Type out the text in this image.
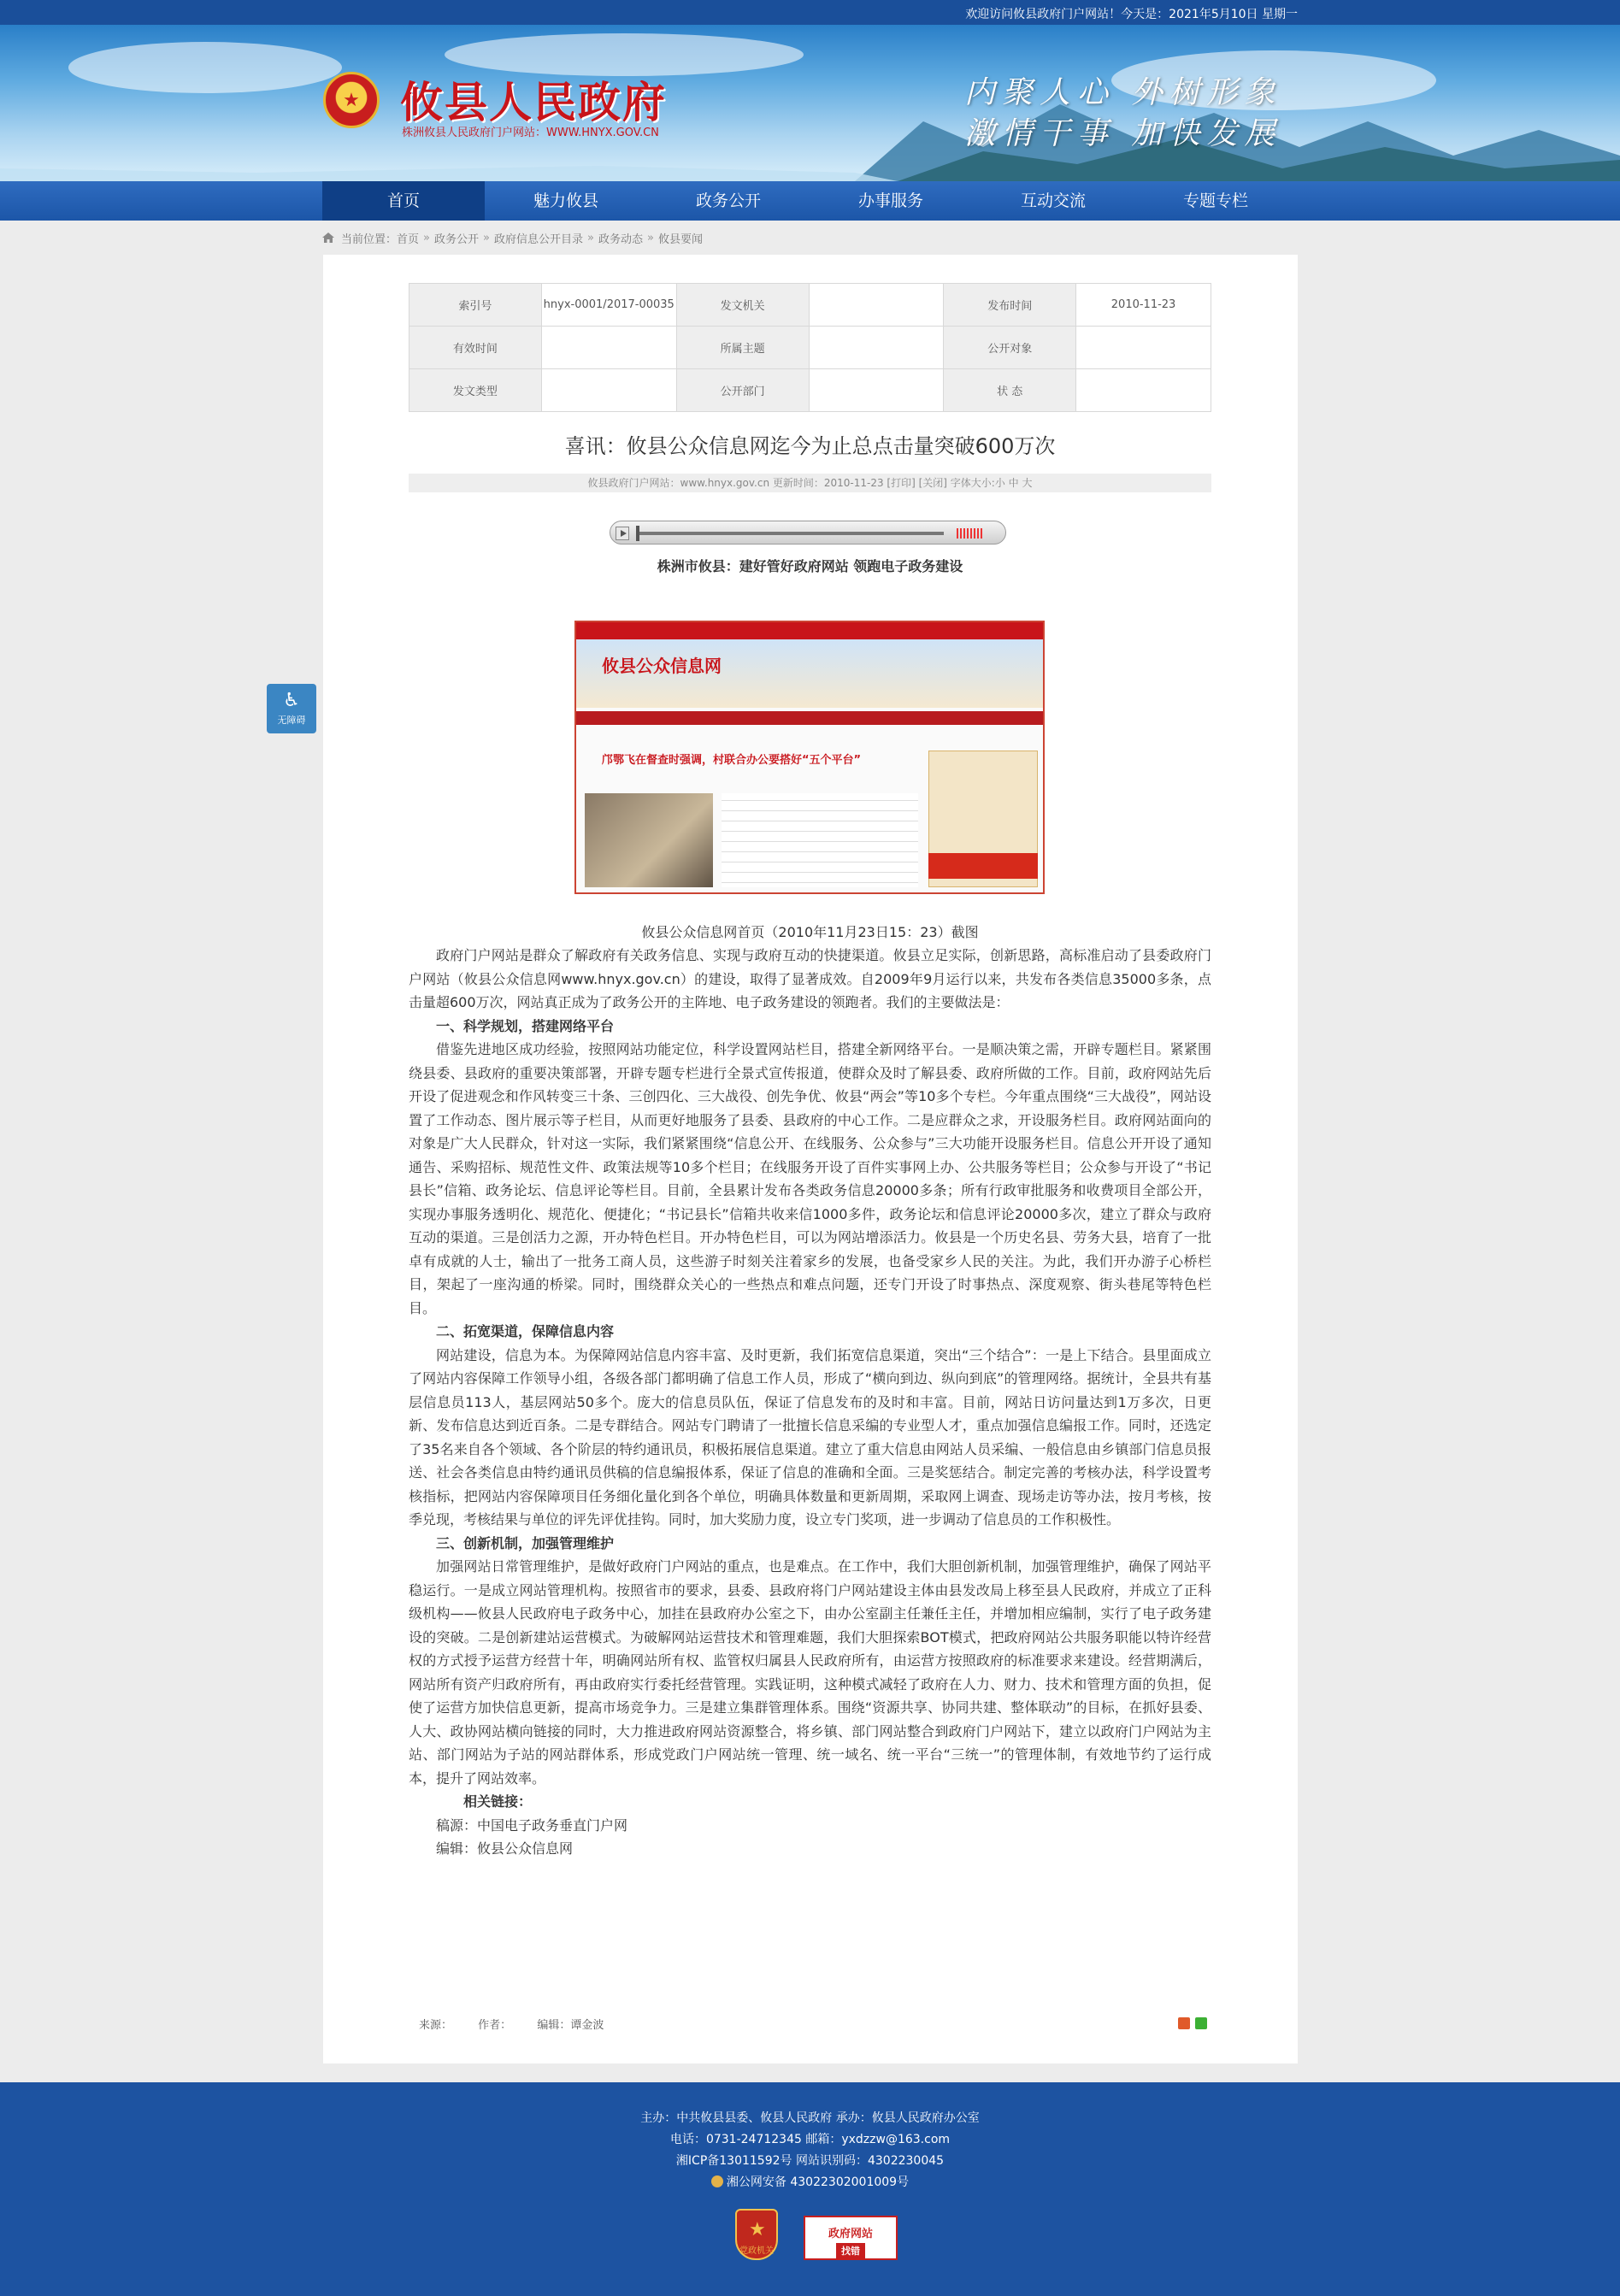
欢迎访问攸县政府门户网站！今天是：2021年5月10日 星期一
★ 攸县人民政府
株洲攸县人民政府门户网站：WWW.HNYX.GOV.CN
内聚人心 外树形象
激情干事 加快发展
首页	魅力攸县	政务公开	办事服务	互动交流	专题专栏
当前位置： 首页 » 政务公开 » 政府信息公开目录 » 政务动态 » 攸县要闻
♿
无障碍
索引号	hnyx-0001/2017-00035	发文机关		发布时间	2010-11-23
有效时间		所属主题		公开对象	
发文类型		公开部门		状 态	
喜讯：攸县公众信息网迄今为止总点击量突破600万次
攸县政府门户网站：www.hnyx.gov.cn 更新时间：2010-11-23 [打印] [关闭] 字体大小:小 中 大
株洲市攸县：建好管好政府网站 领跑电子政务建设
攸县公众信息网
邝鄂飞在督查时强调，村联合办公要搭好“五个平台”
攸县公众信息网首页（2010年11月23日15：23）截图

政府门户网站是群众了解政府有关政务信息、实现与政府互动的快捷渠道。攸县立足实际，创新思路，高标准启动了县委政府门户网站（攸县公众信息网www.hnyx.gov.cn）的建设，取得了显著成效。自2009年9月运行以来，共发布各类信息35000多条，点击量超600万次，网站真正成为了政务公开的主阵地、电子政务建设的领跑者。我们的主要做法是：

一、科学规划，搭建网络平台

借鉴先进地区成功经验，按照网站功能定位，科学设置网站栏目，搭建全新网络平台。一是顺决策之需，开辟专题栏目。紧紧围绕县委、县政府的重要决策部署，开辟专题专栏进行全景式宣传报道，使群众及时了解县委、政府所做的工作。目前，政府网站先后开设了促进观念和作风转变三十条、三创四化、三大战役、创先争优、攸县“两会”等10多个专栏。今年重点围绕“三大战役”，网站设置了工作动态、图片展示等子栏目，从而更好地服务了县委、县政府的中心工作。二是应群众之求，开设服务栏目。政府网站面向的对象是广大人民群众，针对这一实际，我们紧紧围绕“信息公开、在线服务、公众参与”三大功能开设服务栏目。信息公开开设了通知通告、采购招标、规范性文件、政策法规等10多个栏目；在线服务开设了百件实事网上办、公共服务等栏目；公众参与开设了“书记县长”信箱、政务论坛、信息评论等栏目。目前，全县累计发布各类政务信息20000多条；所有行政审批服务和收费项目全部公开，实现办事服务透明化、规范化、便捷化；“书记县长”信箱共收来信1000多件，政务论坛和信息评论20000多次，建立了群众与政府互动的渠道。三是创活力之源，开办特色栏目。开办特色栏目，可以为网站增添活力。攸县是一个历史名县、劳务大县，培育了一批卓有成就的人士，输出了一批务工商人员，这些游子时刻关注着家乡的发展，也备受家乡人民的关注。为此，我们开办游子心桥栏目，架起了一座沟通的桥梁。同时，围绕群众关心的一些热点和难点问题，还专门开设了时事热点、深度观察、街头巷尾等特色栏目。

二、拓宽渠道，保障信息内容

网站建设，信息为本。为保障网站信息内容丰富、及时更新，我们拓宽信息渠道，突出“三个结合”：一是上下结合。县里面成立了网站内容保障工作领导小组，各级各部门都明确了信息工作人员，形成了“横向到边、纵向到底”的管理网络。据统计，全县共有基层信息员113人，基层网站50多个。庞大的信息员队伍，保证了信息发布的及时和丰富。目前，网站日访问量达到1万多次，日更新、发布信息达到近百条。二是专群结合。网站专门聘请了一批擅长信息采编的专业型人才，重点加强信息编报工作。同时，还选定了35名来自各个领域、各个阶层的特约通讯员，积极拓展信息渠道。建立了重大信息由网站人员采编、一般信息由乡镇部门信息员报送、社会各类信息由特约通讯员供稿的信息编报体系，保证了信息的准确和全面。三是奖惩结合。制定完善的考核办法，科学设置考核指标，把网站内容保障项目任务细化量化到各个单位，明确具体数量和更新周期，采取网上调查、现场走访等办法，按月考核，按季兑现，考核结果与单位的评先评优挂钩。同时，加大奖励力度，设立专门奖项，进一步调动了信息员的工作积极性。

三、创新机制，加强管理维护

加强网站日常管理维护，是做好政府门户网站的重点，也是难点。在工作中，我们大胆创新机制，加强管理维护，确保了网站平稳运行。一是成立网站管理机构。按照省市的要求，县委、县政府将门户网站建设主体由县发改局上移至县人民政府，并成立了正科级机构——攸县人民政府电子政务中心，加挂在县政府办公室之下，由办公室副主任兼任主任，并增加相应编制，实行了电子政务建设的突破。二是创新建站运营模式。为破解网站运营技术和管理难题，我们大胆探索BOT模式，把政府网站公共服务职能以特许经营权的方式授予运营方经营十年，明确网站所有权、监管权归属县人民政府所有，由运营方按照政府的标准要求来建设。经营期满后，网站所有资产归政府所有，再由政府实行委托经营管理。实践证明，这种模式减轻了政府在人力、财力、技术和管理方面的负担，促使了运营方加快信息更新，提高市场竞争力。三是建立集群管理体系。围绕“资源共享、协同共建、整体联动”的目标，在抓好县委、人大、政协网站横向链接的同时，大力推进政府网站资源整合，将乡镇、部门网站整合到政府门户网站下，建立以政府门户网站为主站、部门网站为子站的网站群体系，形成党政门户网站统一管理、统一域名、统一平台“三统一”的管理体制，有效地节约了运行成本，提升了网站效率。

相关链接：
稿源：中国电子政务垂直门户网
编辑：攸县公众信息网
来源： 作者： 编辑：谭金波
主办：中共攸县县委、攸县人民政府 承办：攸县人民政府办公室
电话：0731-24712345 邮箱：yxdzzw@163.com
湘ICP备13011592号 网站识别码：4302230045
湘公网安备 43022302001009号
★
党政机关
政府网站
找错
